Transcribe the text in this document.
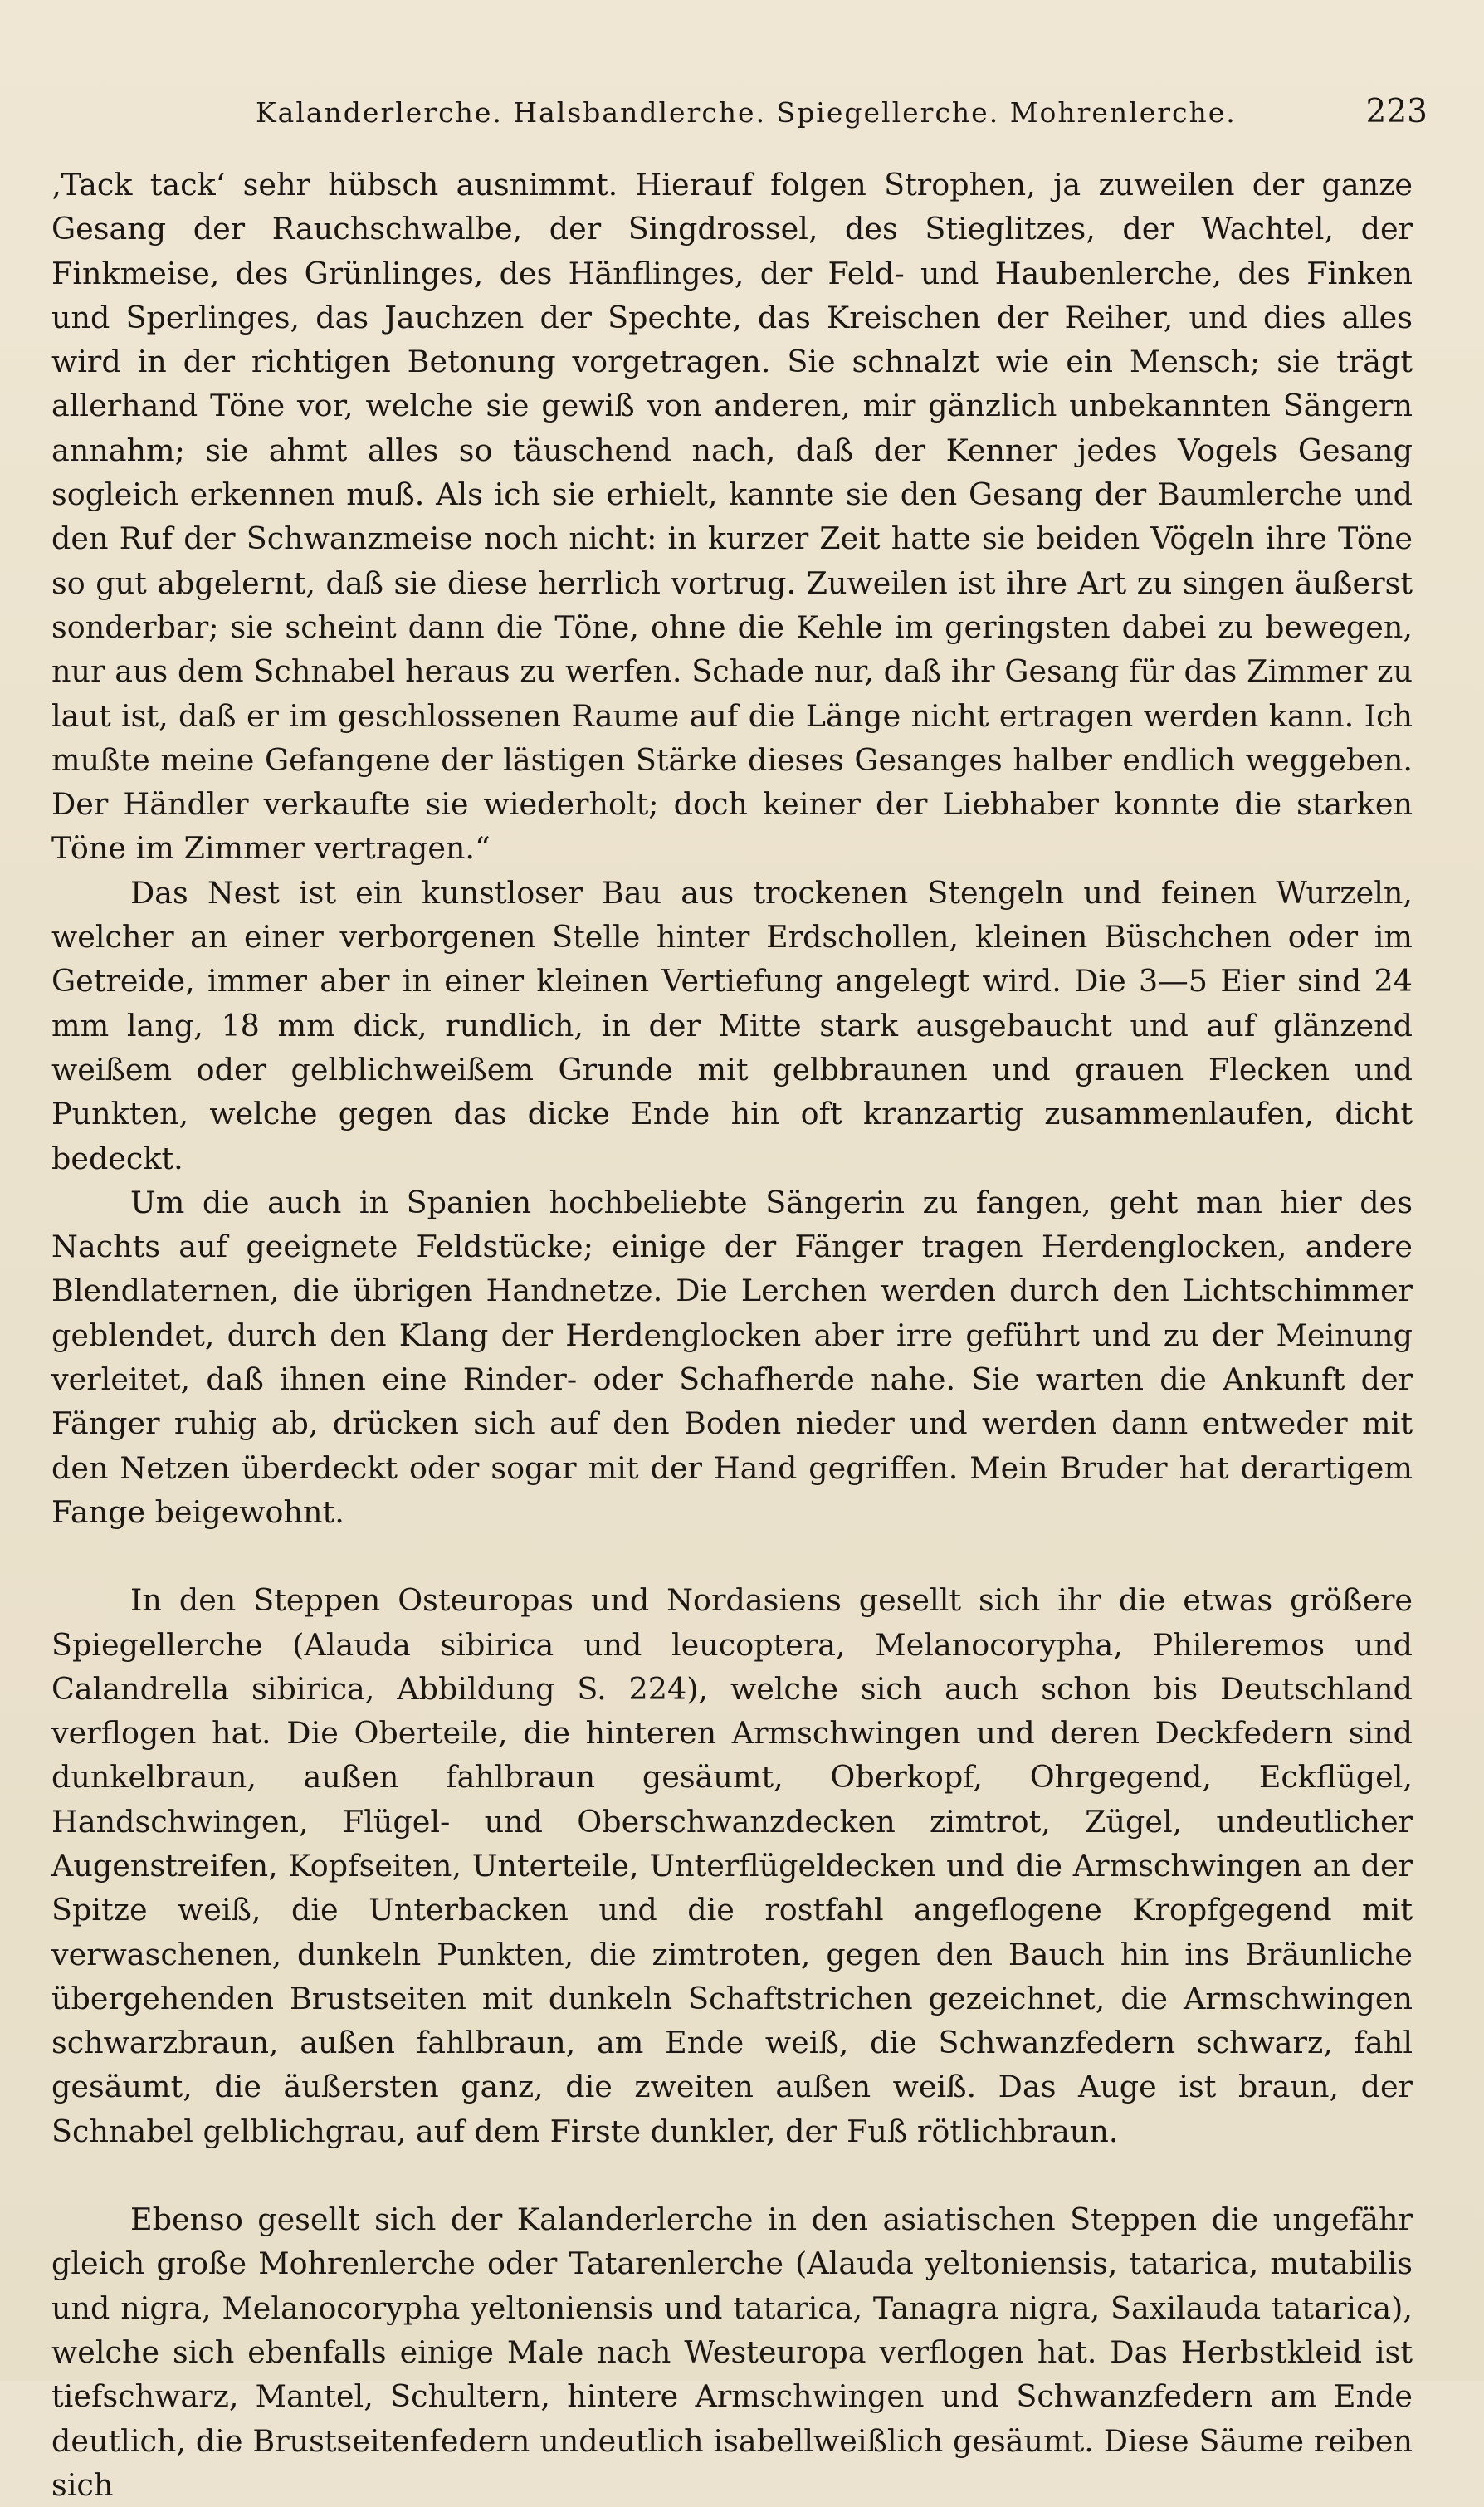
Kalanderlerche. Halsbandlerche. Spiegellerche. Mohrenlerche.	223

‚Tack tack‘ sehr hübsch ausnimmt. Hierauf folgen Strophen, ja zuweilen der ganze Gesang der Rauchschwalbe, der Singdrossel, des Stieglitzes, der Wachtel, der Finkmeise, des Grünlinges, des Hänflinges, der Feld- und Haubenlerche, des Finken und Sperlinges, das Jauchzen der Spechte, das Kreischen der Reiher, und dies alles wird in der richtigen Betonung vorgetragen. Sie schnalzt wie ein Mensch; sie trägt allerhand Töne vor, welche sie gewiß von anderen, mir gänzlich unbekannten Sängern annahm; sie ahmt alles so täuschend nach, daß der Kenner jedes Vogels Gesang sogleich erkennen muß. Als ich sie erhielt, kannte sie den Gesang der Baumlerche und den Ruf der Schwanzmeise noch nicht: in kurzer Zeit hatte sie beiden Vögeln ihre Töne so gut abgelernt, daß sie diese herrlich vortrug. Zuweilen ist ihre Art zu singen äußerst sonderbar; sie scheint dann die Töne, ohne die Kehle im geringsten dabei zu bewegen, nur aus dem Schnabel heraus zu werfen. Schade nur, daß ihr Gesang für das Zimmer zu laut ist, daß er im geschlossenen Raume auf die Länge nicht ertragen werden kann. Ich mußte meine Gefangene der lästigen Stärke dieses Gesanges halber endlich weggeben. Der Händler verkaufte sie wiederholt; doch keiner der Liebhaber konnte die starken Töne im Zimmer vertragen.“

Das Nest ist ein kunstloser Bau aus trockenen Stengeln und feinen Wurzeln, welcher an einer verborgenen Stelle hinter Erdschollen, kleinen Büschchen oder im Getreide, immer aber in einer kleinen Vertiefung angelegt wird. Die 3—5 Eier sind 24 mm lang, 18 mm dick, rundlich, in der Mitte stark ausgebaucht und auf glänzend weißem oder gelblichweißem Grunde mit gelbbraunen und grauen Flecken und Punkten, welche gegen das dicke Ende hin oft kranzartig zusammenlaufen, dicht bedeckt.

Um die auch in Spanien hochbeliebte Sängerin zu fangen, geht man hier des Nachts auf geeignete Feldstücke; einige der Fänger tragen Herdenglocken, andere Blendlaternen, die übrigen Handnetze. Die Lerchen werden durch den Lichtschimmer geblendet, durch den Klang der Herdenglocken aber irre geführt und zu der Meinung verleitet, daß ihnen eine Rinder- oder Schafherde nahe. Sie warten die Ankunft der Fänger ruhig ab, drücken sich auf den Boden nieder und werden dann entweder mit den Netzen überdeckt oder sogar mit der Hand gegriffen. Mein Bruder hat derartigem Fange beigewohnt.

In den Steppen Osteuropas und Nordasiens gesellt sich ihr die etwas größere Spiegellerche (Alauda sibirica und leucoptera, Melanocorypha, Phileremos und Calandrella sibirica, Abbildung S. 224), welche sich auch schon bis Deutschland verflogen hat. Die Oberteile, die hinteren Armschwingen und deren Deckfedern sind dunkelbraun, außen fahlbraun gesäumt, Oberkopf, Ohrgegend, Eckflügel, Handschwingen, Flügel- und Oberschwanzdecken zimtrot, Zügel, undeutlicher Augenstreifen, Kopfseiten, Unterteile, Unterflügeldecken und die Armschwingen an der Spitze weiß, die Unterbacken und die rostfahl angeflogene Kropfgegend mit verwaschenen, dunkeln Punkten, die zimtroten, gegen den Bauch hin ins Bräunliche übergehenden Brustseiten mit dunkeln Schaftstrichen gezeichnet, die Armschwingen schwarzbraun, außen fahlbraun, am Ende weiß, die Schwanzfedern schwarz, fahl gesäumt, die äußersten ganz, die zweiten außen weiß. Das Auge ist braun, der Schnabel gelblichgrau, auf dem Firste dunkler, der Fuß rötlichbraun.

Ebenso gesellt sich der Kalanderlerche in den asiatischen Steppen die ungefähr gleich große Mohrenlerche oder Tatarenlerche (Alauda yeltoniensis, tatarica, mutabilis und nigra, Melanocorypha yeltoniensis und tatarica, Tanagra nigra, Saxilauda tatarica), welche sich ebenfalls einige Male nach Westeuropa verflogen hat. Das Herbstkleid ist tiefschwarz, Mantel, Schultern, hintere Armschwingen und Schwanzfedern am Ende deutlich, die Brustseitenfedern undeutlich isabellweißlich gesäumt. Diese Säume reiben sich
